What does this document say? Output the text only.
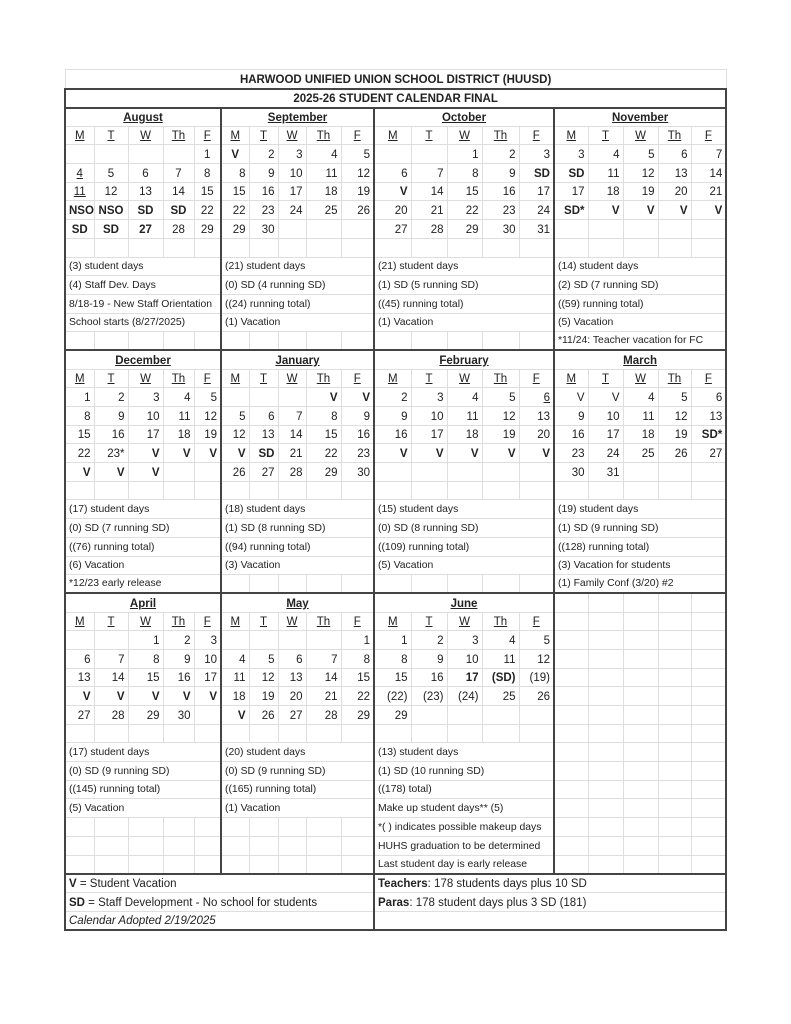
HARWOOD UNIFIED UNION SCHOOL DISTRICT (HUUSD)																			
2025-26 STUDENT CALENDAR FINAL																			
August					September					October					November				
M	T	W	Th	F	M	T	W	Th	F	M	T	W	Th	F	M	T	W	Th	F
				1	V	2	3	4	5			1	2	3	3	4	5	6	7
4	5	6	7	8	8	9	10	11	12	6	7	8	9	SD	SD	11	12	13	14
11	12	13	14	15	15	16	17	18	19	V	14	15	16	17	17	18	19	20	21
NSO	NSO	SD	SD	22	22	23	24	25	26	20	21	22	23	24	SD*	V	V	V	V
SD	SD	27	28	29	29	30				27	28	29	30	31					

(3) student days					(21) student days					(21) student days					(14) student days				
(4) Staff Dev. Days					(0) SD (4 running SD)					(1) SD (5 running SD)					(2) SD (7 running SD)				
8/18-19 - New Staff Orientation					((24) running total)					((45) running total)					((59) running total)				
School starts (8/27/2025)					(1) Vacation					(1) Vacation					(5) Vacation				
															*11/24: Teacher vacation for FC				
December					January					February					March				
M	T	W	Th	F	M	T	W	Th	F	M	T	W	Th	F	M	T	W	Th	F
1	2	3	4	5				V	V	2	3	4	5	6	V	V	4	5	6
8	9	10	11	12	5	6	7	8	9	9	10	11	12	13	9	10	11	12	13
15	16	17	18	19	12	13	14	15	16	16	17	18	19	20	16	17	18	19	SD*
22	23*	V	V	V	V	SD	21	22	23	V	V	V	V	V	23	24	25	26	27
V	V	V			26	27	28	29	30						30	31			

(17) student days					(18) student days					(15) student days					(19) student days				
(0) SD (7 running SD)					(1) SD (8 running SD)					(0) SD (8 running SD)					(1) SD (9 running SD)				
((76) running total)					((94) running total)					((109) running total)					((128) running total)				
(6) Vacation					(3) Vacation					(5) Vacation					(3) Vacation for students				
*12/23 early release															(1) Family Conf (3/20) #2				
April					May					June									
M	T	W	Th	F	M	T	W	Th	F	M	T	W	Th	F					
		1	2	3					1	1	2	3	4	5					
6	7	8	9	10	4	5	6	7	8	8	9	10	11	12					
13	14	15	16	17	11	12	13	14	15	15	16	17	(SD)	(19)					
V	V	V	V	V	18	19	20	21	22	(22)	(23)	(24)	25	26					
27	28	29	30		V	26	27	28	29	29									

(17) student days					(20) student days					(13) student days									
(0) SD (9 running SD)					(0) SD (9 running SD)					(1) SD (10 running SD)									
((145) running total)					((165) running total)					((178) total)									
(5) Vacation					(1) Vacation					Make up student days** (5)									
										*( ) indicates possible makeup days									
										HUHS graduation to be determined									
										Last student day is early release									
V = Student Vacation										Teachers: 178 students days plus 10 SD									
SD = Staff Development - No school for students										Paras: 178 student days plus 3 SD (181)									
Calendar Adopted 2/19/2025																			
